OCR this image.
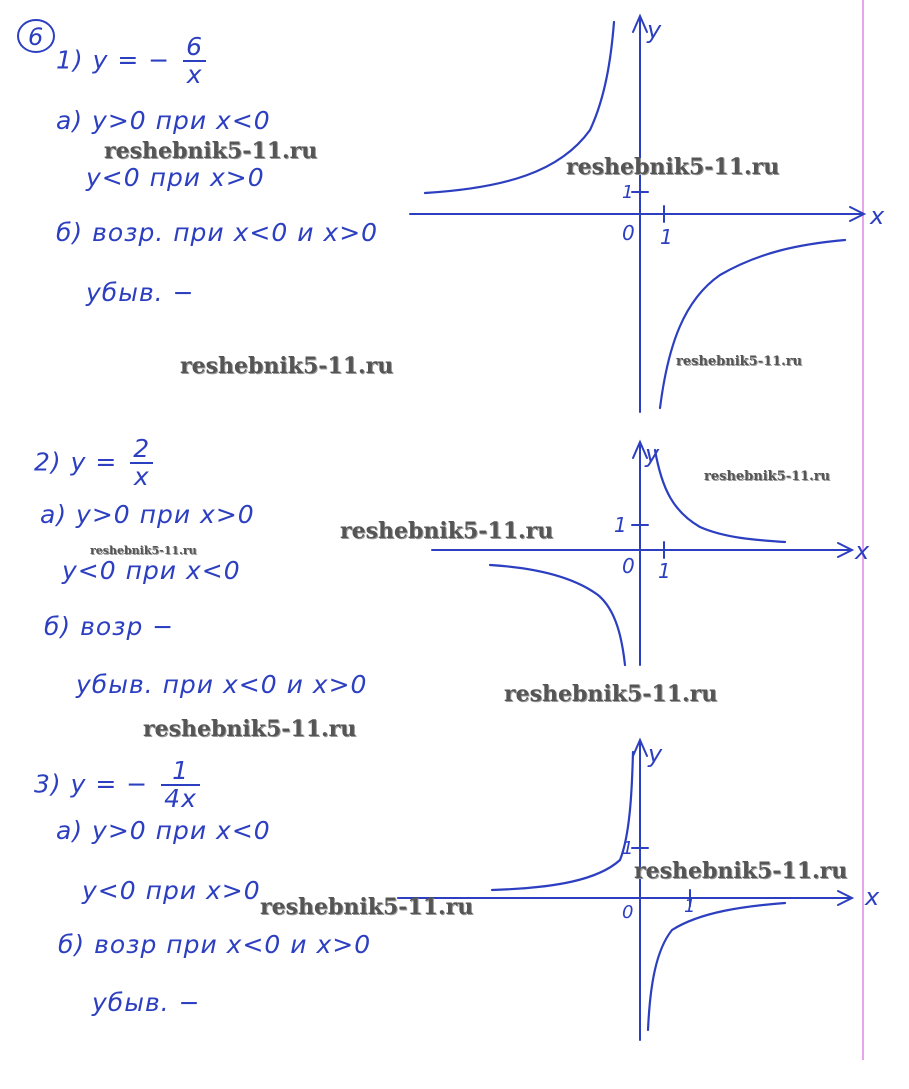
x
y
0 1
1
x
y
0 1
1
x
y
0	1
1
6
1) y = − $\frac{6}{x}$
а) y>0 при x<0
y<0 при x>0
б) возр. при x<0 и x>0
убыв. −
2) $y = \frac{2}{x}$
а) y>0 при x>0
y<0 при x<0
б) возр −
убыв. при x<0 и x>0
3) y = − $\frac{1}{4x}$
а) y>0 при x<0
y<0 при x>0
б) возр при x<0 и x>0
убыв. −
reshebnik5-11.ru
reshebnik5-11.ru
reshebnik5-11.ru	reshebnik5-11.ru
reshebnik5-11.ru
reshebnik5-11.ru
reshebnik5-11.ru
reshebnik5-11.ru
reshebnik5-11.ru
reshebnik5-11.ru
reshebnik5-11.ru
